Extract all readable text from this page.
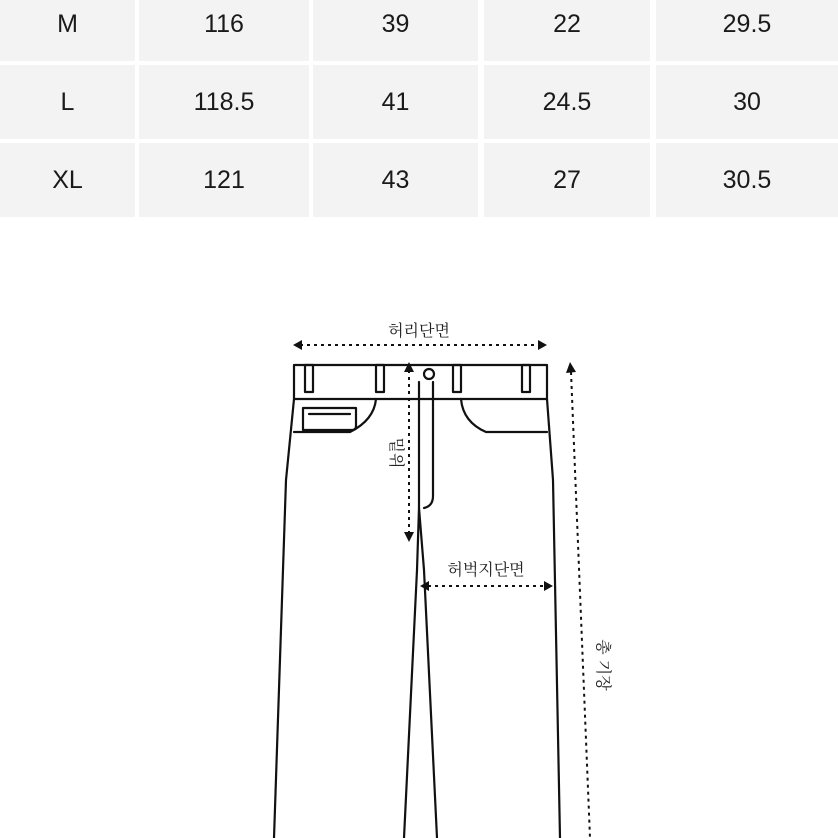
M	116	39	22	29.5
L	118.5	41	24.5	30
XL	121	43	27	30.5
허리단면
밑위
허벅지단면
총 기장
